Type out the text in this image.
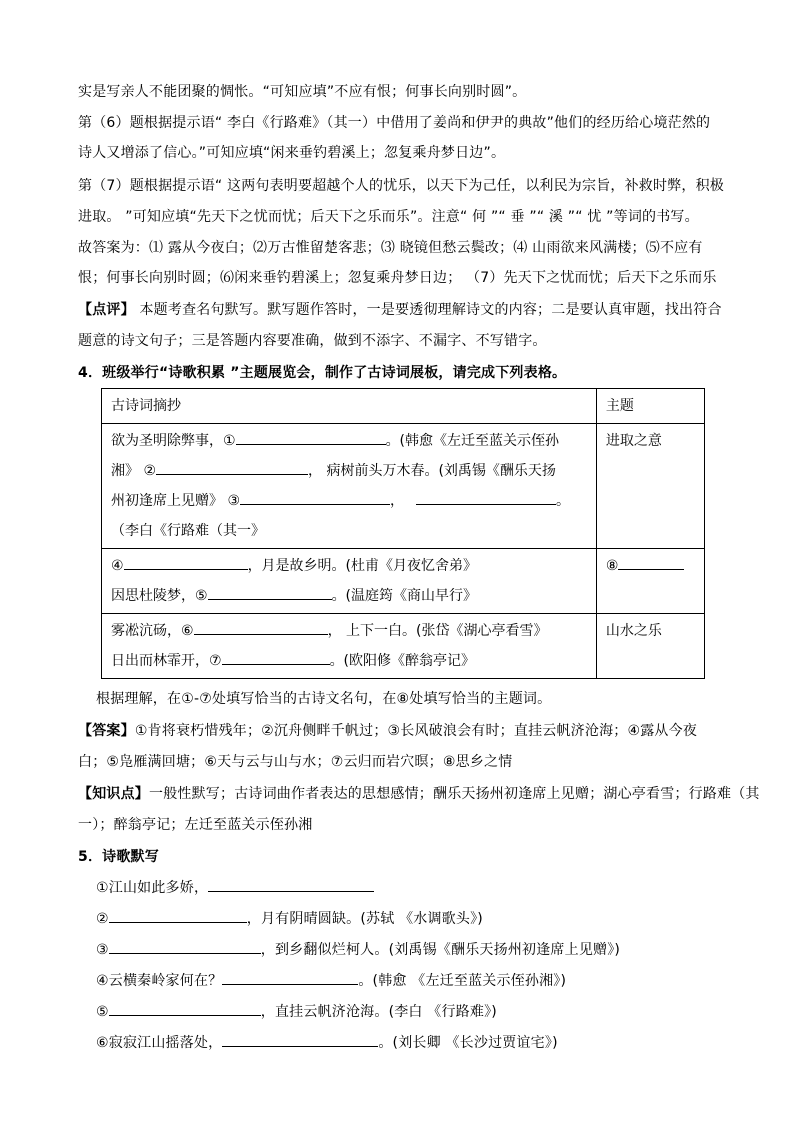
实是写亲人不能团聚的惆怅。“可知应填”不应有恨；何事长向别时圆”。
第（6）题根据提示语“ 李白《行路难》（其一）中借用了姜尚和伊尹的典故”他们的经历给心境茫然的
诗人又增添了信心。”可知应填“闲来垂钓碧溪上；忽复乘舟梦日边”。
第（7）题根据提示语“ 这两句表明要超越个人的忧乐，以天下为己任，以利民为宗旨，补救时弊，积极
进取。 ”可知应填“先天下之忧而忧；后天下之乐而乐”。注意“ 何 ”“ 垂 ”“ 溪 ”“ 忧 ”等词的书写。
故答案为：⑴ 露从今夜白；⑵万古惟留楚客悲；⑶ 晓镜但愁云鬓改；⑷ 山雨欲来风满楼；⑸不应有
恨；何事长向别时圆；⑹闲来垂钓碧溪上；忽复乘舟梦日边； （7）先天下之忧而忧；后天下之乐而乐
【点评】 本题考查名句默写。默写题作答时，一是要透彻理解诗文的内容；二是要认真审题，找出符合
题意的诗文句子；三是答题内容要准确，做到不添字、不漏字、不写错字。
4．班级举行“诗歌积累 ”主题展览会，制作了古诗词展板，请完成下列表格。
古诗词摘抄	主题

欲为圣明除弊事，① 。(韩愈《左迁至蓝关示侄孙
湘》 ② ， 病树前头万木春。(刘禹锡《酬乐天扬
州初逢席上见赠》 ③ ， 。
（李白《行路难（其一》	进取之意

④ ，月是故乡明。(杜甫《月夜忆舍弟》
因思杜陵梦，⑤ 。(温庭筠《商山早行》	⑧

雾凇沆砀，⑥ ， 上下一白。(张岱《湖心亭看雪》
日出而林霏开，⑦ 。(欧阳修《醉翁亭记》	山水之乐
根据理解，在①-⑦处填写恰当的古诗文名句，在⑧处填写恰当的主题词。
【答案】①肯将衰朽惜残年；②沉舟侧畔千帆过；③长风破浪会有时；直挂云帆济沧海；④露从今夜
白；⑤凫雁满回塘；⑥天与云与山与水；⑦云归而岩穴暝；⑧思乡之情
【知识点】一般性默写；古诗词曲作者表达的思想感情；酬乐天扬州初逢席上见赠；湖心亭看雪；行路难（其
一）；醉翁亭记；左迁至蓝关示侄孙湘
5．诗歌默写
①江山如此多娇，
②	，月有阴晴圆缺。(苏轼 《水调歌头》)
③	，到乡翻似烂柯人。(刘禹锡《酬乐天扬州初逢席上见赠》)
④云横秦岭家何在？	。(韩愈 《左迁至蓝关示侄孙湘》)
⑤	，直挂云帆济沧海。(李白 《行路难》)
⑥寂寂江山摇落处，	。(刘长卿 《长沙过贾谊宅》)
